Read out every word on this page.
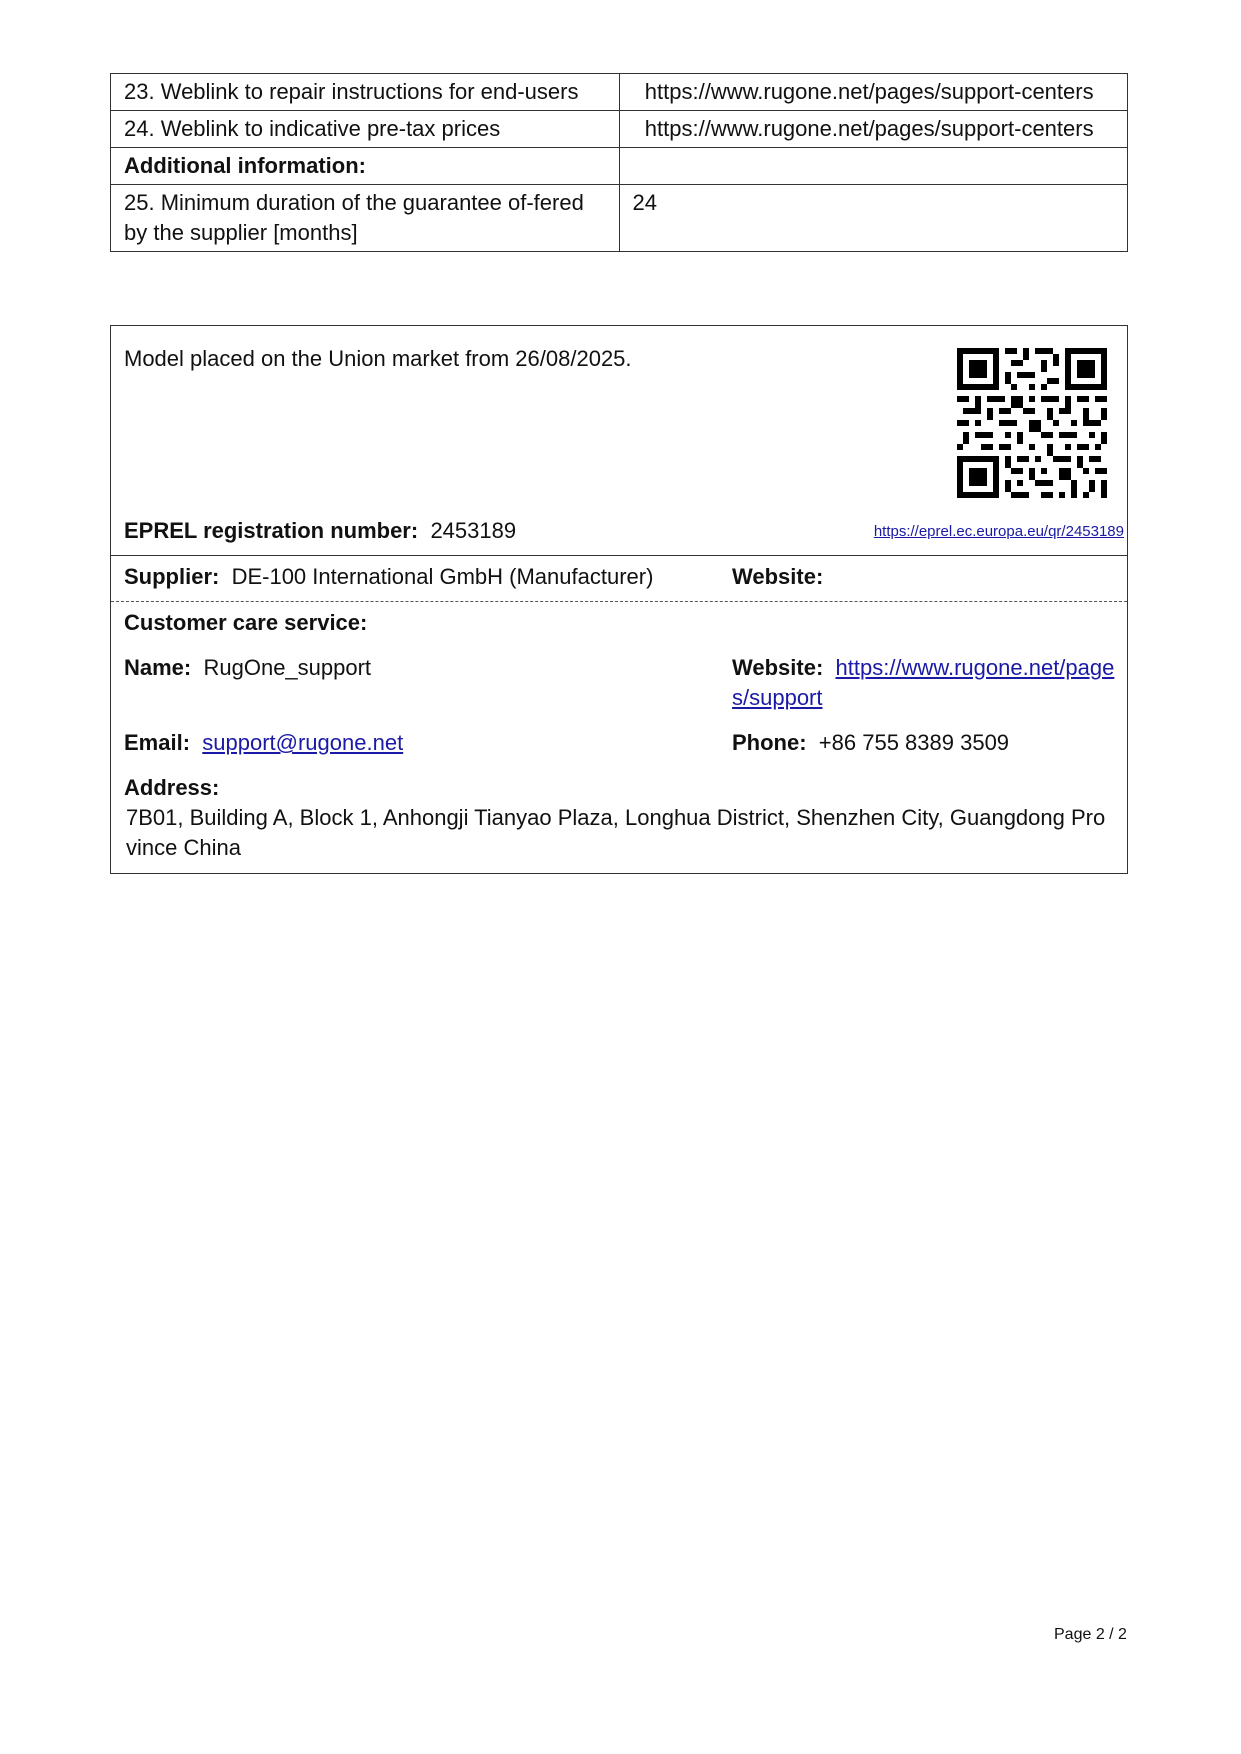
23. Weblink to repair instructions for end-users	https://www.rugone.net/pages/support-centers
24. Weblink to indicative pre-tax prices	https://www.rugone.net/pages/support-centers
Additional information:	
25. Minimum duration of the guarantee of-fered by the supplier [months]	24
Model placed on the Union market from 26/08/2025.
EPREL registration number: 2453189	https://eprel.ec.europa.eu/qr/2453189
Supplier: DE-100 International GmbH (Manufacturer)	Website:
Customer care service:
Name: RugOne_support	Website: https://www.rugone.net/pages/support
Email: support@rugone.net	Phone: +86 755 8389 3509
Address:
7B01, Building A, Block 1, Anhongji Tianyao Plaza, Longhua District, Shenzhen City, Guangdong Province China
Page 2 / 2
